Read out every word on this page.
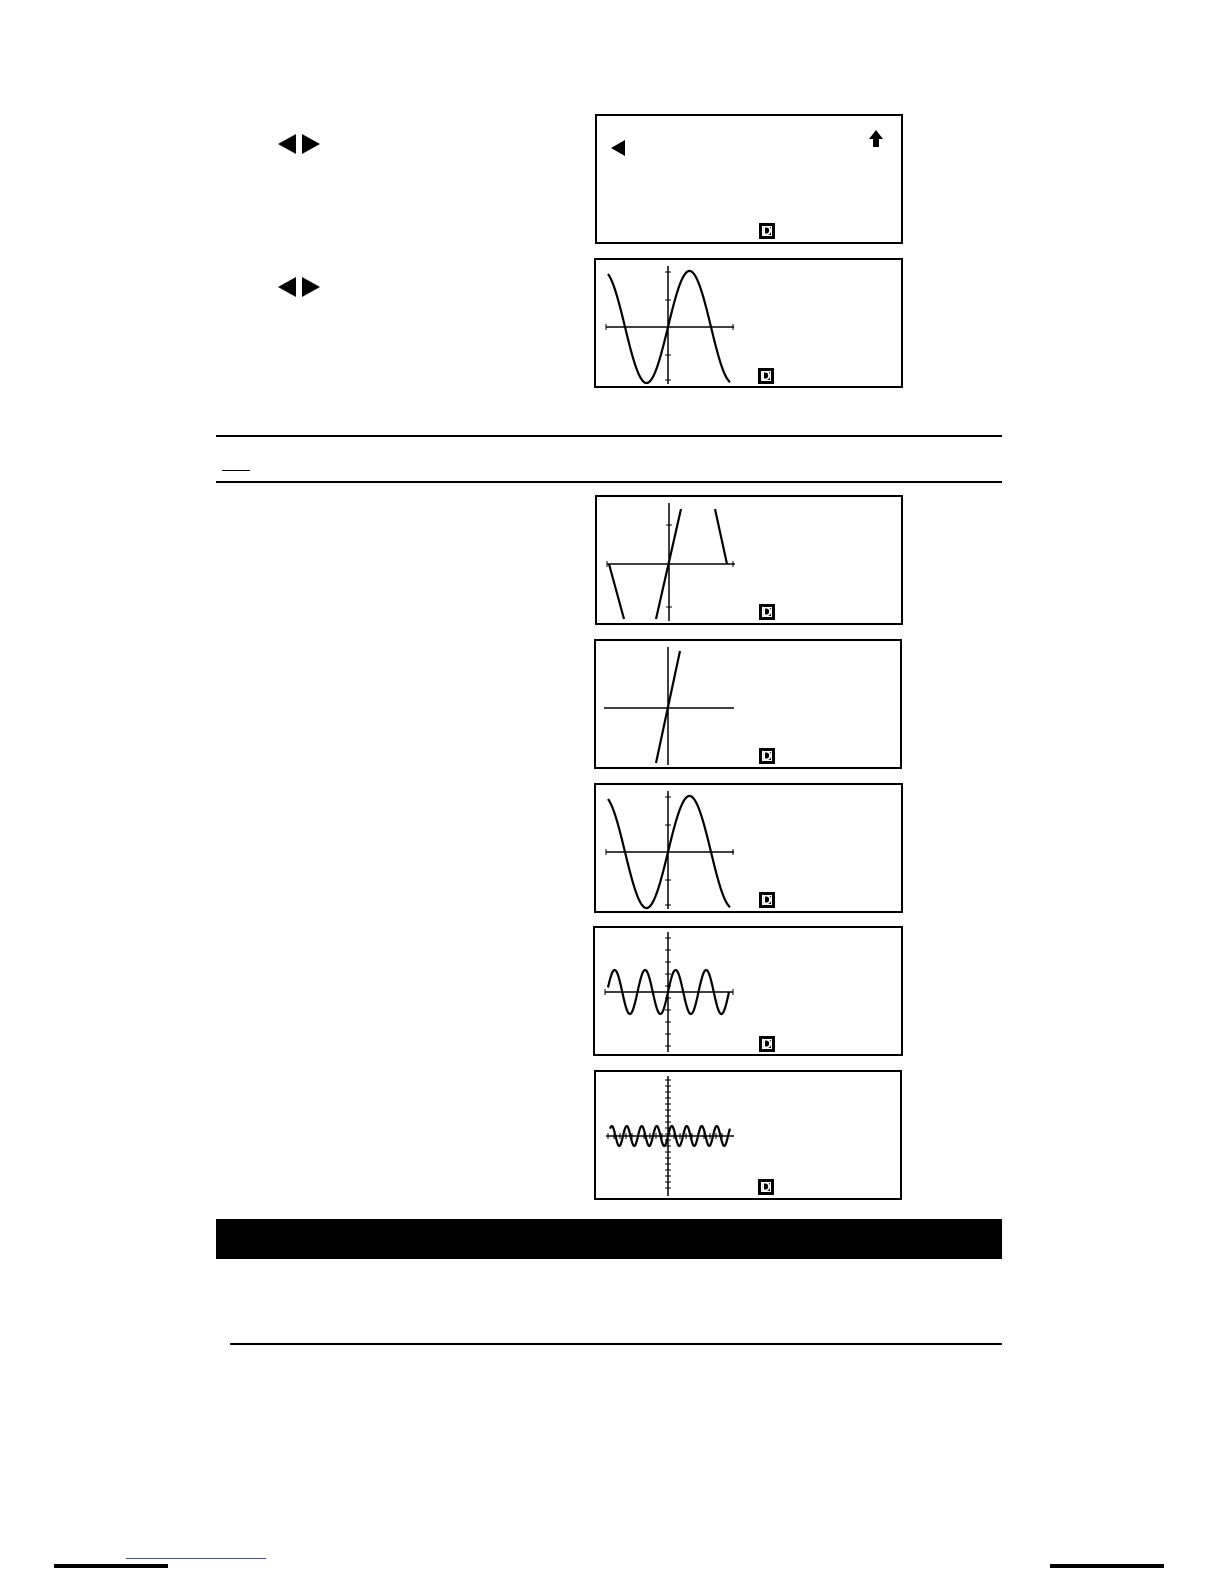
D
D
D
D
D
D
D
